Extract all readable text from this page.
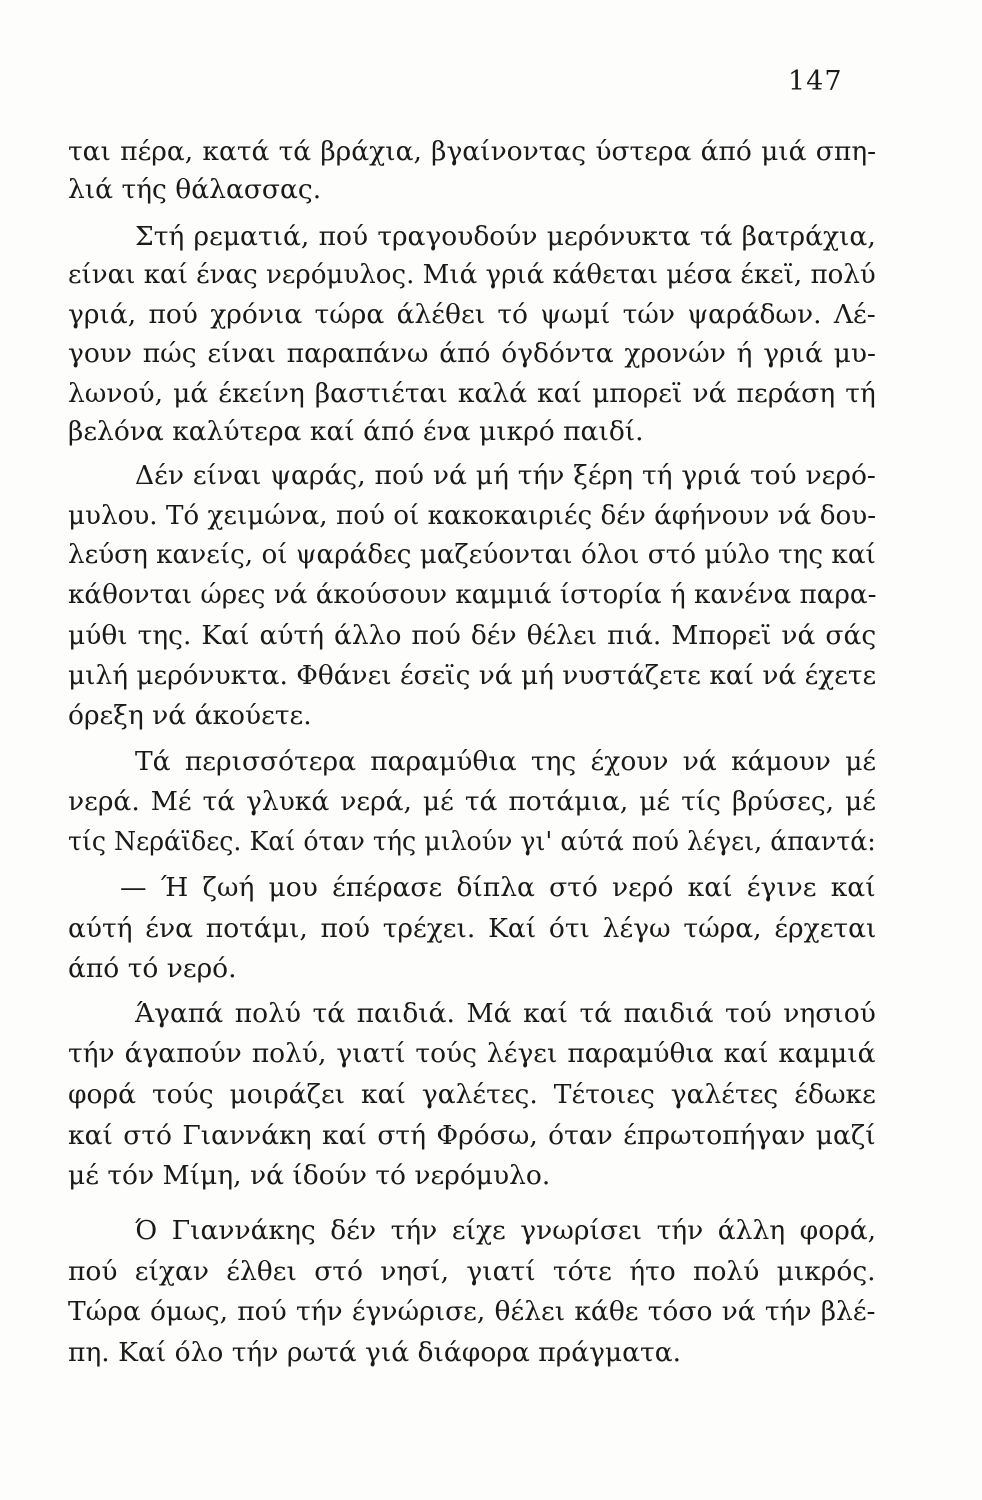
147
ται πέρα, κατά τά βράχια, βγαίνοντας ύστερα άπό μιά σπη-
λιά τής θάλασσας.
Στή ρεματιά, πού τραγουδούν μερόνυκτα τά βατράχια,
είναι καί ένας νερόμυλος. Μιά γριά κάθεται μέσα έκεϊ, πολύ
γριά, πού χρόνια τώρα άλέθει τό ψωμί τών ψαράδων. Λέ-
γουν πώς είναι παραπάνω άπό όγδόντα χρονών ή γριά μυ-
λωνού, μά έκείνη βαστιέται καλά καί μπορεϊ νά περάση τή
βελόνα καλύτερα καί άπό ένα μικρό παιδί.
Δέν είναι ψαράς, πού νά μή τήν ξέρη τή γριά τού νερό-
μυλου. Τό χειμώνα, πού οί κακοκαιριές δέν άφήνουν νά δου-
λεύση κανείς, οί ψαράδες μαζεύονται όλοι στό μύλο της καί
κάθονται ώρες νά άκούσουν καμμιά ίστορία ή κανένα παρα-
μύθι της. Καί αύτή άλλο πού δέν θέλει πιά. Μπορεϊ νά σάς
μιλή μερόνυκτα. Φθάνει έσεϊς νά μή νυστάζετε καί νά έχετε
όρεξη νά άκούετε.
Τά περισσότερα παραμύθια της έχουν νά κάμουν μέ
νερά. Μέ τά γλυκά νερά, μέ τά ποτάμια, μέ τίς βρύσες, μέ
τίς Νεράϊδες. Καί όταν τής μιλούν γι' αύτά πού λέγει, άπαντά:
— Ή ζωή μου έπέρασε δίπλα στό νερό καί έγινε καί
αύτή ένα ποτάμι, πού τρέχει. Καί ότι λέγω τώρα, έρχεται
άπό τό νερό.
Άγαπά πολύ τά παιδιά. Μά καί τά παιδιά τού νησιού
τήν άγαπούν πολύ, γιατί τούς λέγει παραμύθια καί καμμιά
φορά τούς μοιράζει καί γαλέτες. Τέτοιες γαλέτες έδωκε
καί στό Γιαννάκη καί στή Φρόσω, όταν έπρωτοπήγαν μαζί
μέ τόν Μίμη, νά ίδούν τό νερόμυλο.
Ό Γιαννάκης δέν τήν είχε γνωρίσει τήν άλλη φορά,
πού είχαν έλθει στό νησί, γιατί τότε ήτο πολύ μικρός.
Τώρα όμως, πού τήν έγνώρισε, θέλει κάθε τόσο νά τήν βλέ-
πη. Καί όλο τήν ρωτά γιά διάφορα πράγματα.
